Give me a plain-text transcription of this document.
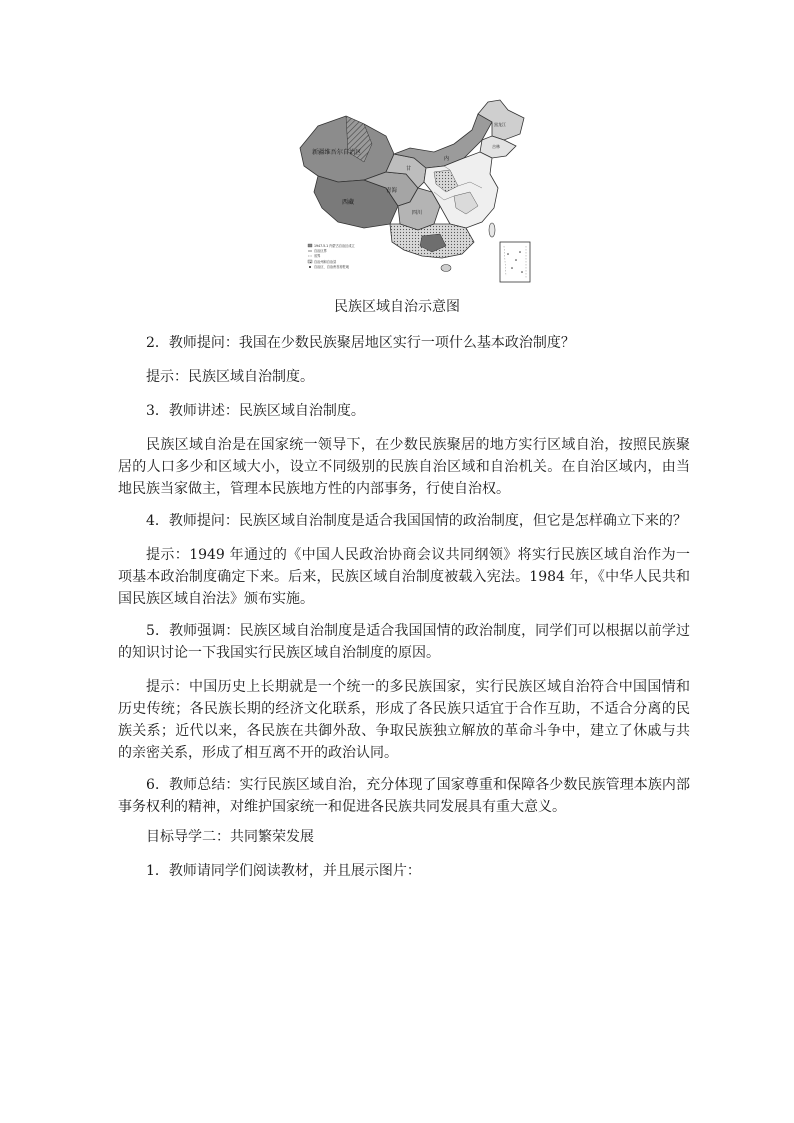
1947.5.1 内蒙古自治区成立
自治区界
省界
自治州和自治县
自治区、自治州首府驻地
新疆维吾尔自治区
西藏
青海
甘
四川
内
黑龙江
吉林
民族区域自治示意图

2．教师提问：我国在少数民族聚居地区实行一项什么基本政治制度？

提示：民族区域自治制度。

3．教师讲述：民族区域自治制度。

民族区域自治是在国家统一领导下，在少数民族聚居的地方实行区域自治，按照民族聚居的人口多少和区域大小，设立不同级别的民族自治区域和自治机关。在自治区域内，由当地民族当家做主，管理本民族地方性的内部事务，行使自治权。

4．教师提问：民族区域自治制度是适合我国国情的政治制度，但它是怎样确立下来的？

提示：1949 年通过的《中国人民政治协商会议共同纲领》将实行民族区域自治作为一项基本政治制度确定下来。后来，民族区域自治制度被载入宪法。1984 年，《中华人民共和国民族区域自治法》颁布实施。

5．教师强调：民族区域自治制度是适合我国国情的政治制度，同学们可以根据以前学过的知识讨论一下我国实行民族区域自治制度的原因。

提示：中国历史上长期就是一个统一的多民族国家，实行民族区域自治符合中国国情和历史传统；各民族长期的经济文化联系，形成了各民族只适宜于合作互助，不适合分离的民族关系；近代以来，各民族在共御外敌、争取民族独立解放的革命斗争中，建立了休戚与共的亲密关系，形成了相互离不开的政治认同。

6．教师总结：实行民族区域自治，充分体现了国家尊重和保障各少数民族管理本族内部事务权利的精神，对维护国家统一和促进各民族共同发展具有重大意义。

目标导学二：共同繁荣发展

1．教师请同学们阅读教材，并且展示图片：
